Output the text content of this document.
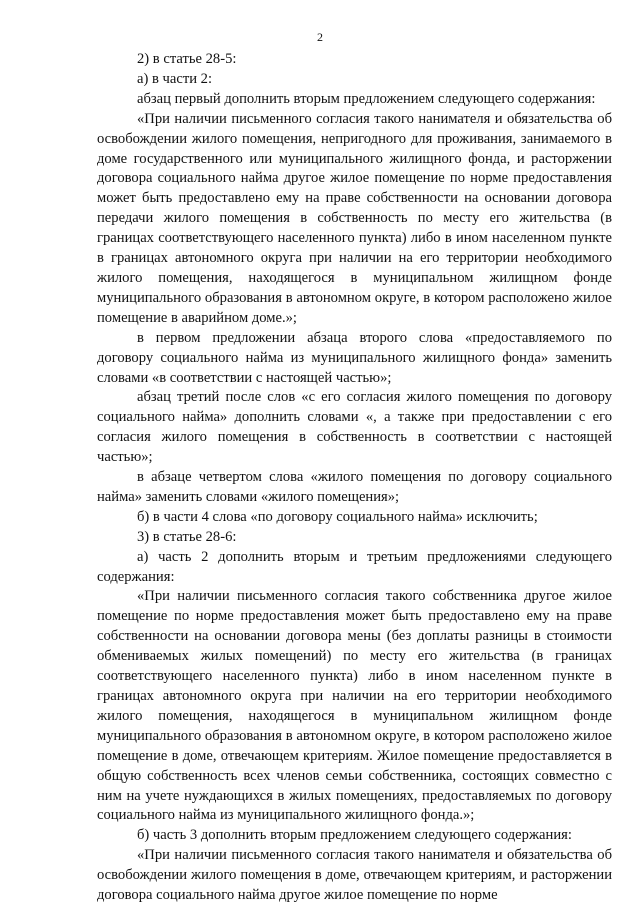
2

2) в статье 28-5:

а) в части 2:

абзац первый дополнить вторым предложением следующего содержания:

«При наличии письменного согласия такого нанимателя и обязательства об освобождении жилого помещения, непригодного для проживания, занимаемого в доме государственного или муниципального жилищного фонда, и расторжении договора социального найма другое жилое помещение по норме предоставления может быть предоставлено ему на праве собственности на основании договора передачи жилого помещения в собственность по месту его жительства (в границах соответствующего населенного пункта) либо в ином населенном пункте в границах автономного округа при наличии на его территории необходимого жилого помещения, находящегося в муниципальном жилищном фонде муниципального образования в автономном округе, в котором расположено жилое помещение в аварийном доме.»;

в первом предложении абзаца второго слова «предоставляемого по договору социального найма из муниципального жилищного фонда» заменить словами «в соответствии с настоящей частью»;

абзац третий после слов «с его согласия жилого помещения по договору социального найма» дополнить словами «, а также при предоставлении с его согласия жилого помещения в собственность в соответствии с настоящей частью»;

в абзаце четвертом слова «жилого помещения по договору социального найма» заменить словами «жилого помещения»;

б) в части 4 слова «по договору социального найма» исключить;

3) в статье 28-6:

а) часть 2 дополнить вторым и третьим предложениями следующего содержания:

«При наличии письменного согласия такого собственника другое жилое помещение по норме предоставления может быть предоставлено ему на праве собственности на основании договора мены (без доплаты разницы в стоимости обмениваемых жилых помещений) по месту его жительства (в границах соответствующего населенного пункта) либо в ином населенном пункте в границах автономного округа при наличии на его территории необходимого жилого помещения, находящегося в муниципальном жилищном фонде муниципального образования в автономном округе, в котором расположено жилое помещение в доме, отвечающем критериям. Жилое помещение предоставляется в общую собственность всех членов семьи собственника, состоящих совместно с ним на учете нуждающихся в жилых помещениях, предоставляемых по договору социального найма из муниципального жилищного фонда.»;

б) часть 3 дополнить вторым предложением следующего содержания:

«При наличии письменного согласия такого нанимателя и обязательства об освобождении жилого помещения в доме, отвечающем критериям, и расторжении договора социального найма другое жилое помещение по норме
